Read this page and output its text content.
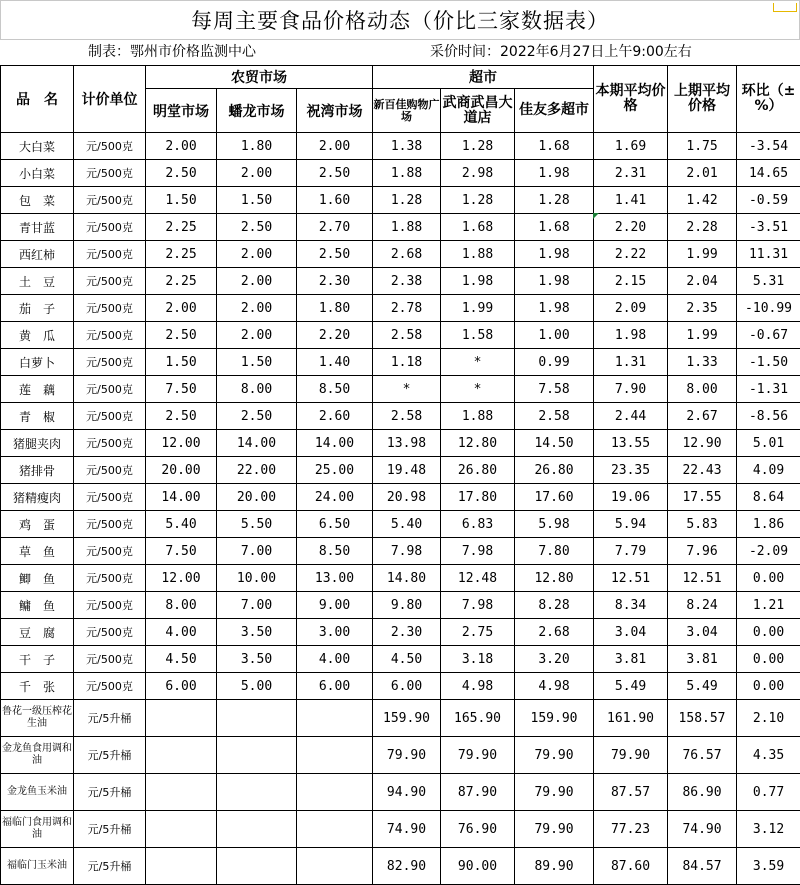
每周主要食品价格动态（价比三家数据表）
制表：鄂州市价格监测中心	采价时间：2022年6月27日上午9:00左右
品　名	计价单位	农贸市场			超市			本期平均价格	上期平均价格	环比（±%）
		明堂市场	蟠龙市场	祝湾市场	新百佳购物广场	武商武昌大道店	佳友多超市			
大白菜	元/500克	2.00	1.80	2.00	1.38	1.28	1.68	1.69	1.75	-3.54
小白菜	元/500克	2.50	2.00	2.50	1.88	2.98	1.98	2.31	2.01	14.65
包　菜	元/500克	1.50	1.50	1.60	1.28	1.28	1.28	1.41	1.42	-0.59
青甘蓝	元/500克	2.25	2.50	2.70	1.88	1.68	1.68	2.20	2.28	-3.51
西红柿	元/500克	2.25	2.00	2.50	2.68	1.88	1.98	2.22	1.99	11.31
土　豆	元/500克	2.25	2.00	2.30	2.38	1.98	1.98	2.15	2.04	5.31
茄　子	元/500克	2.00	2.00	1.80	2.78	1.99	1.98	2.09	2.35	-10.99
黄　瓜	元/500克	2.50	2.00	2.20	2.58	1.58	1.00	1.98	1.99	-0.67
白萝卜	元/500克	1.50	1.50	1.40	1.18	*	0.99	1.31	1.33	-1.50
莲　藕	元/500克	7.50	8.00	8.50	*	*	7.58	7.90	8.00	-1.31
青　椒	元/500克	2.50	2.50	2.60	2.58	1.88	2.58	2.44	2.67	-8.56
猪腿夹肉	元/500克	12.00	14.00	14.00	13.98	12.80	14.50	13.55	12.90	5.01
猪排骨	元/500克	20.00	22.00	25.00	19.48	26.80	26.80	23.35	22.43	4.09
猪精瘦肉	元/500克	14.00	20.00	24.00	20.98	17.80	17.60	19.06	17.55	8.64
鸡　蛋	元/500克	5.40	5.50	6.50	5.40	6.83	5.98	5.94	5.83	1.86
草　鱼	元/500克	7.50	7.00	8.50	7.98	7.98	7.80	7.79	7.96	-2.09
鲫　鱼	元/500克	12.00	10.00	13.00	14.80	12.48	12.80	12.51	12.51	0.00
鳙　鱼	元/500克	8.00	7.00	9.00	9.80	7.98	8.28	8.34	8.24	1.21
豆　腐	元/500克	4.00	3.50	3.00	2.30	2.75	2.68	3.04	3.04	0.00
干　子	元/500克	4.50	3.50	4.00	4.50	3.18	3.20	3.81	3.81	0.00
千　张	元/500克	6.00	5.00	6.00	6.00	4.98	4.98	5.49	5.49	0.00
鲁花一级压榨花生油	元/5升桶				159.90	165.90	159.90	161.90	158.57	2.10
金龙鱼食用调和油	元/5升桶				79.90	79.90	79.90	79.90	76.57	4.35
金龙鱼玉米油	元/5升桶				94.90	87.90	79.90	87.57	86.90	0.77
福临门食用调和油	元/5升桶				74.90	76.90	79.90	77.23	74.90	3.12
福临门玉米油	元/5升桶				82.90	90.00	89.90	87.60	84.57	3.59
